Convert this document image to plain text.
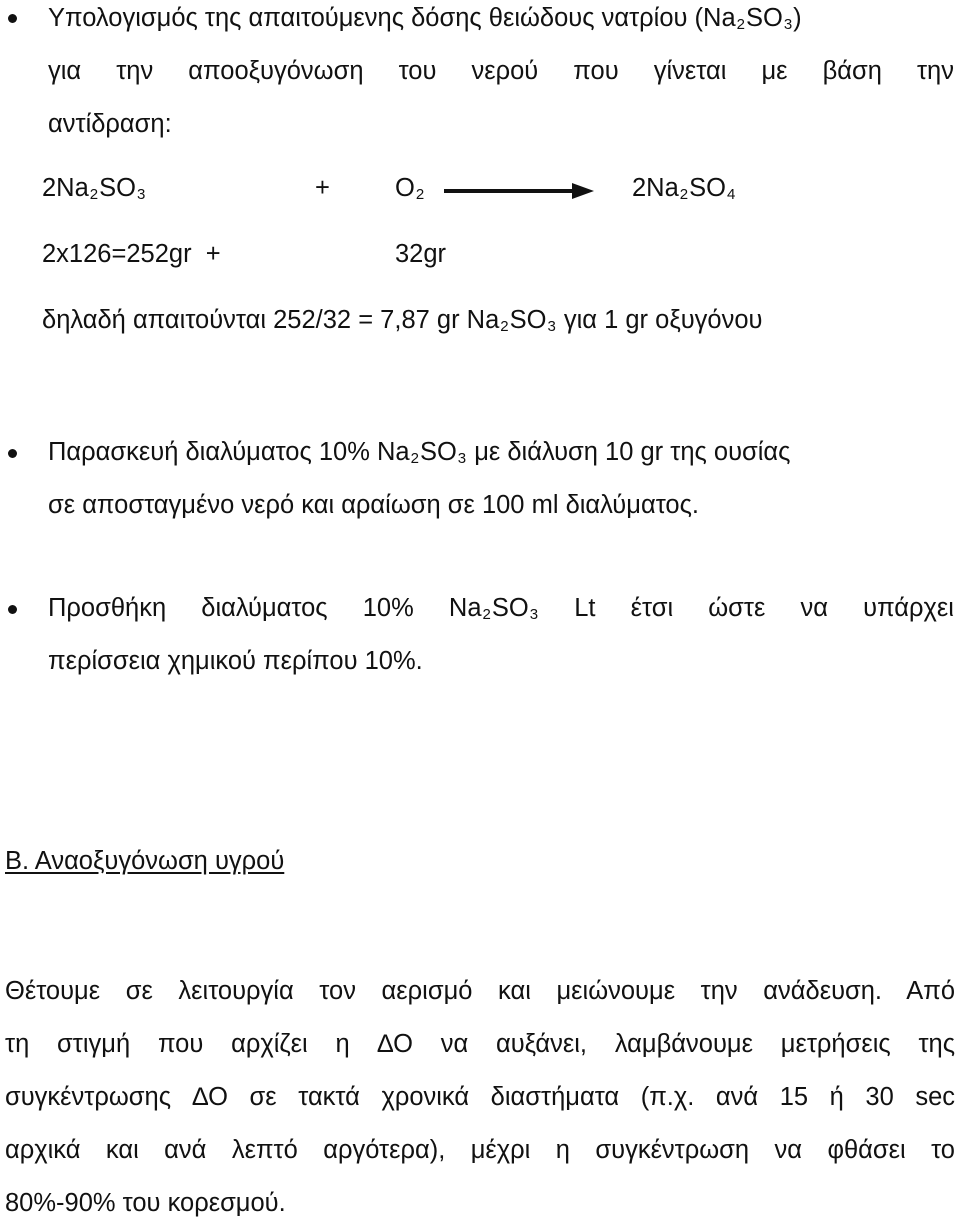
Υπολογισμός της απαιτούμενης δόσης θειώδους νατρίου $(Na_2SO_3)$
για την αποοξυγόνωση του νερού που γίνεται με βάση την
αντίδραση:
$2Na_2SO_3$	+	$O_2$	$2Na_2SO_4$
2x126=252gr  +	32gr
δηλαδή απαιτούνται 252/32 = 7,87 gr $Na_2SO_3$ για 1 gr οξυγόνου
Παρασκευή διαλύματος 10% $Na_2SO_3$ με διάλυση 10 gr της ουσίας
σε αποσταγμένο νερό και αραίωση σε 100 ml διαλύματος.
Προσθήκη διαλύματος 10% $Na_2SO_3$ Lt έτσι ώστε να υπάρχει
περίσσεια χημικού περίπου 10%.
Β. Αναοξυγόνωση υγρού
Θέτουμε σε λειτουργία τον αερισμό και μειώνουμε την ανάδευση. Από
τη στιγμή που αρχίζει η ∆Ο να αυξάνει, λαμβάνουμε μετρήσεις της
συγκέντρωσης ∆Ο σε τακτά χρονικά διαστήματα (π.χ. ανά 15 ή 30 sec
αρχικά και ανά λεπτό αργότερα), μέχρι η συγκέντρωση να φθάσει το
80%-90% του κορεσμού.
